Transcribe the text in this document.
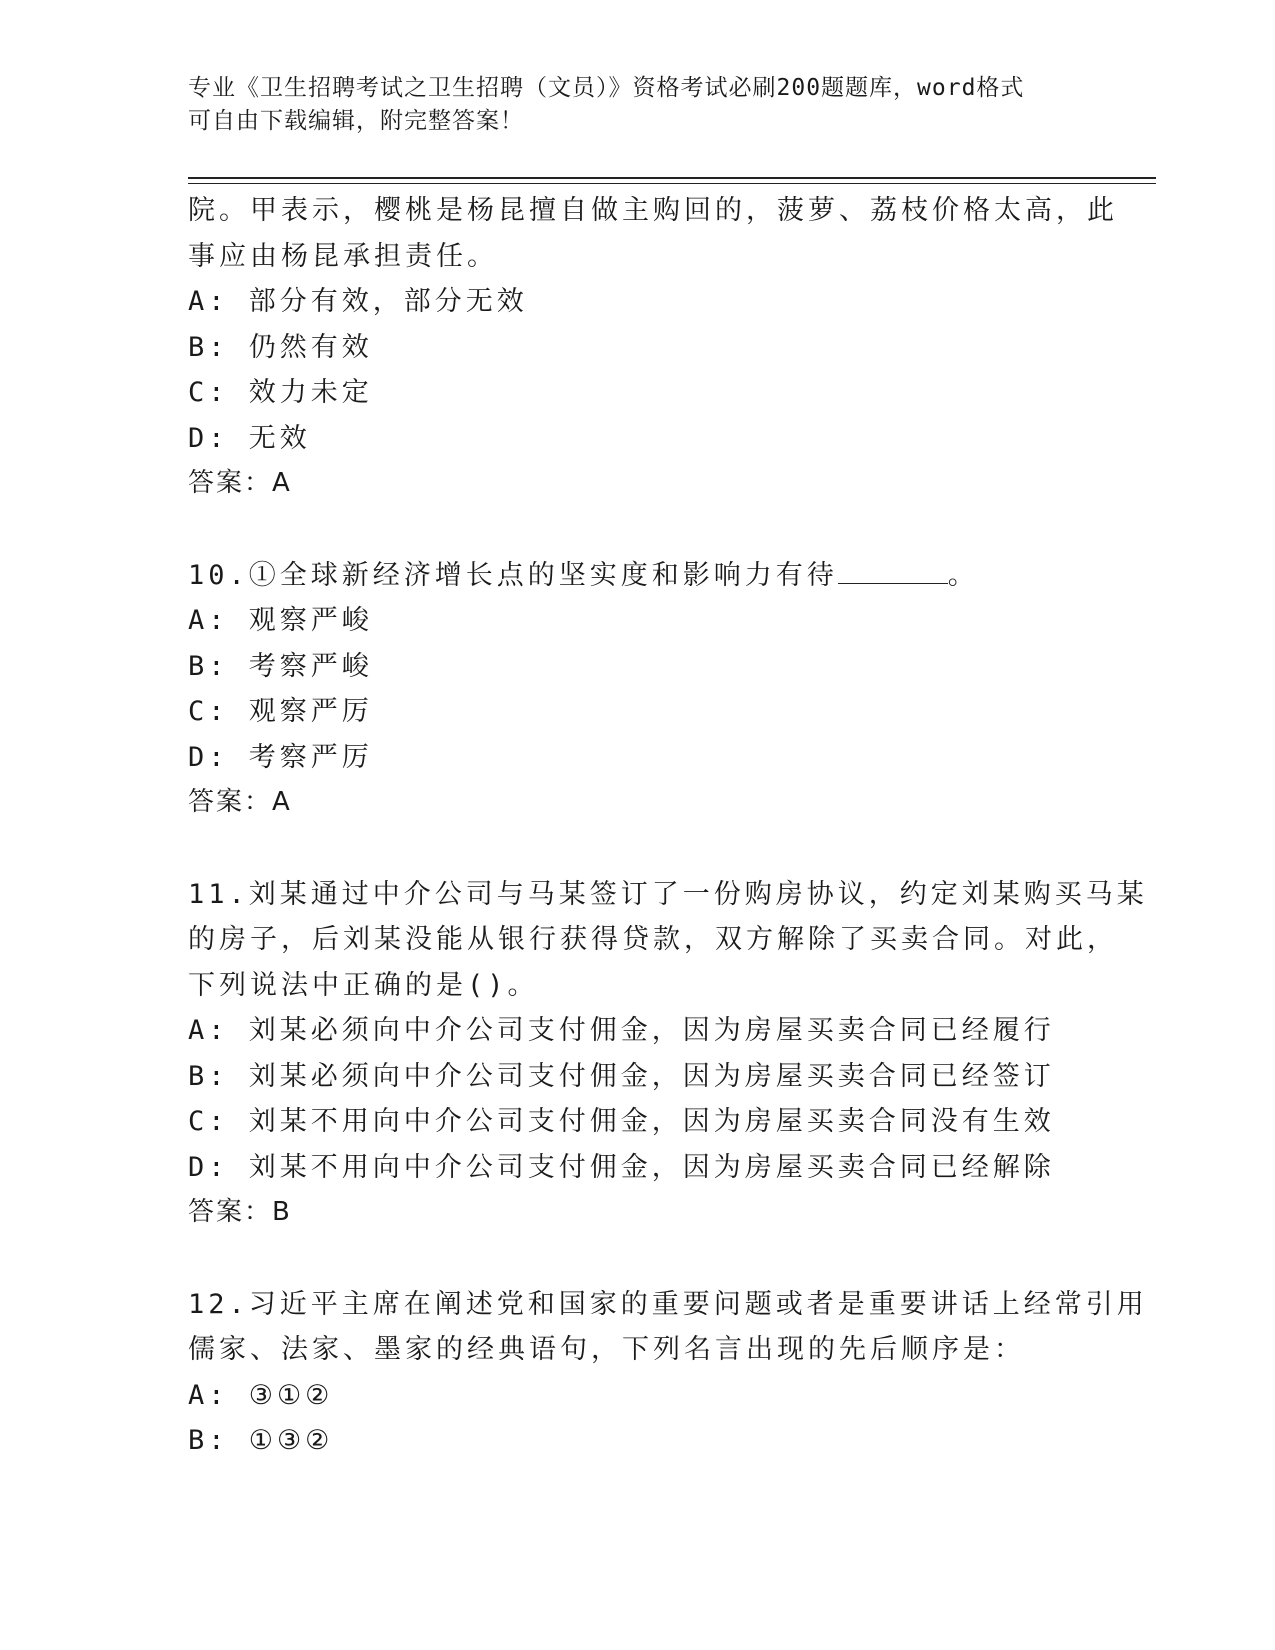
专业《卫生招聘考试之卫生招聘（文员）》资格考试必刷200题题库，word格式
可自由下载编辑，附完整答案！
院。甲表示，樱桃是杨昆擅自做主购回的，菠萝、荔枝价格太高，此
事应由杨昆承担责任。
A: 部分有效，部分无效
B: 仍然有效
C: 效力未定
D: 无效
答案：A
10.①全球新经济增长点的坚实度和影响力有待	。
A: 观察严峻
B: 考察严峻
C: 观察严厉
D: 考察严厉
答案：A
11.刘某通过中介公司与马某签订了一份购房协议，约定刘某购买马某
的房子，后刘某没能从银行获得贷款，双方解除了买卖合同。对此，
下列说法中正确的是()。
A: 刘某必须向中介公司支付佣金，因为房屋买卖合同已经履行
B: 刘某必须向中介公司支付佣金，因为房屋买卖合同已经签订
C: 刘某不用向中介公司支付佣金，因为房屋买卖合同没有生效
D: 刘某不用向中介公司支付佣金，因为房屋买卖合同已经解除
答案：B
12.习近平主席在阐述党和国家的重要问题或者是重要讲话上经常引用
儒家、法家、墨家的经典语句，下列名言出现的先后顺序是：
A: ③①②
B: ①③②
